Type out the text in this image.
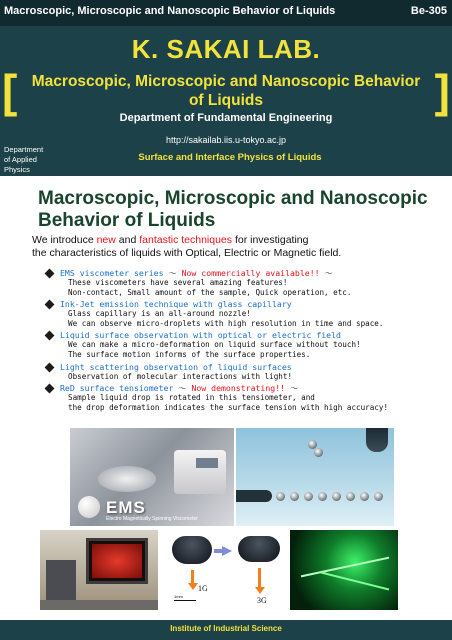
Macroscopic, Microscopic and Nanoscopic Behavior of Liquids	Be-305
K. SAKAI LAB.
[	]
Macroscopic, Microscopic and Nanoscopic Behavior
of Liquids
Department of Fundamental Engineering
http://sakailab.iis.u-tokyo.ac.jp
Department
of Applied
Physics
Surface and Interface Physics of Liquids
Macroscopic, Microscopic and Nanoscopic
Behavior of Liquids
We introduce new and fantastic techniques for investigating
the characteristics of liquids with Optical, Electric or Magnetic field.
EMS viscometer series ～ Now commercially available!! ～
These viscometers have several amazing features!
Non-contact, Small amount of the sample, Quick operation, etc.
Ink-Jet emission technique with glass capillary
Glass capillary is an all-around nozzle!
We can observe micro-droplets with high resolution in time and space.
Liquid surface observation with optical or electric field
We can make a micro-deformation on liquid surface without touch!
The surface motion informs of the surface properties.
Light scattering observation of liquid surfaces
Observation of molecular interactions with light!
ReD surface tensiometer ～ Now demonstrating!! ～
Sample liquid drop is rotated in this tensiometer, and
the drop deformation indicates the surface tension with high accuracy!
EMS
Electro Magnetically Spinning Viscometer
1G
3G
1mm
Institute of Industrial Science
